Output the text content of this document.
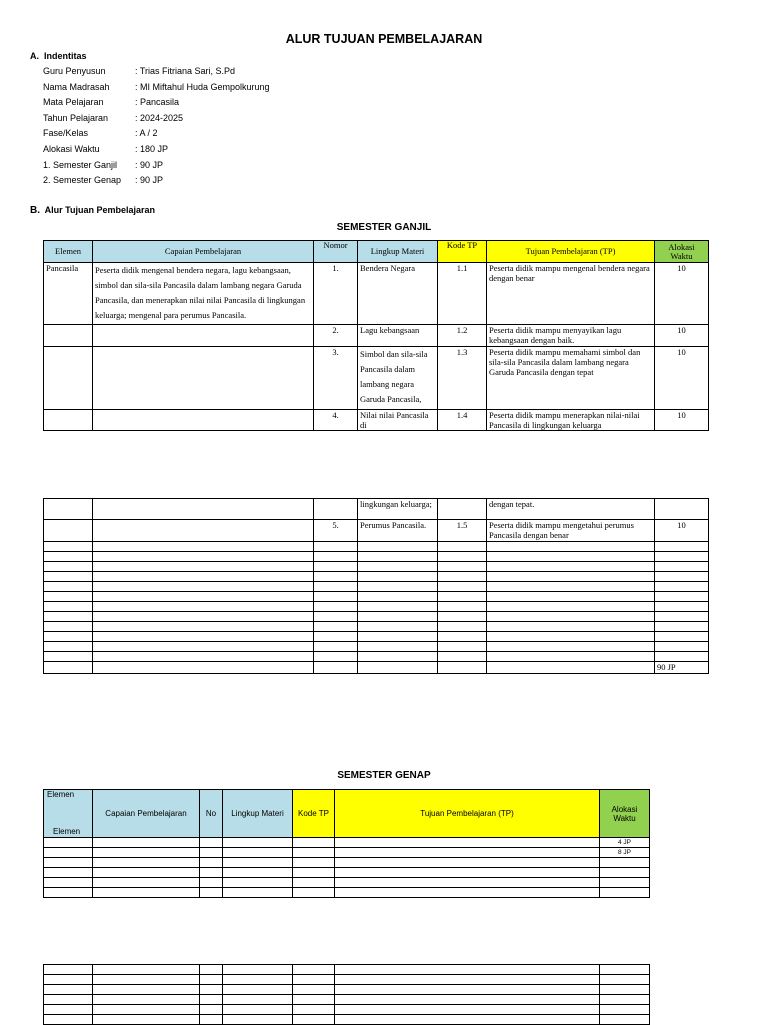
ALUR TUJUAN PEMBELAJARAN
A. Indentitas
Guru Penyusun	: Trias Fitriana Sari, S.Pd
Nama Madrasah	: MI Miftahul Huda Gempolkurung
Mata Pelajaran	: Pancasila
Tahun Pelajaran	: 2024-2025
Fase/Kelas	: A / 2
Alokasi Waktu	: 180 JP
1. Semester Ganjil : 90 JP
2. Semester Genap : 90 JP
B. Alur Tujuan Pembelajaran
SEMESTER GANJIL
Elemen	Capaian Pembelajaran	Nomor	Lingkup Materi	Kode TP	Tujuan Pembelajaran (TP)	Alokasi Waktu
Pancasila	Peserta didik mengenal bendera negara, lagu kebangsaan, simbol dan sila-sila Pancasila dalam lambang negara Garuda Pancasila, dan menerapkan nilai nilai Pancasila di lingkungan keluarga; mengenal para perumus Pancasila.	1.	Bendera Negara	1.1	Peserta didik mampu mengenal bendera negara dengan benar	10
		2.	Lagu kebangsaan	1.2	Peserta didik mampu menyayikan lagu kebangsaan dengan baik.	10
		3.	Simbol dan sila-sila Pancasila dalam lambang negara Garuda Pancasila,	1.3	Peserta didik mampu memahami simbol dan sila-sila Pancasila dalam lambang negara Garuda Pancasila dengan tepat	10
		4.	Nilai nilai Pancasila di	1.4	Peserta didik mampu menerapkan nilai-nilai Pancasila di lingkungan keluarga	10
			lingkungan keluarga;		dengan tepat.	
		5.	Perumus Pancasila.	1.5	Peserta didik mampu mengetahui perumus Pancasila dengan benar	10

						90 JP
SEMESTER GENAP
Elemen
Elemen	Capaian Pembelajaran	No	Lingkup Materi	Kode TP	Tujuan Pembelajaran (TP)	Alokasi Waktu
						4 JP
						8 JP
